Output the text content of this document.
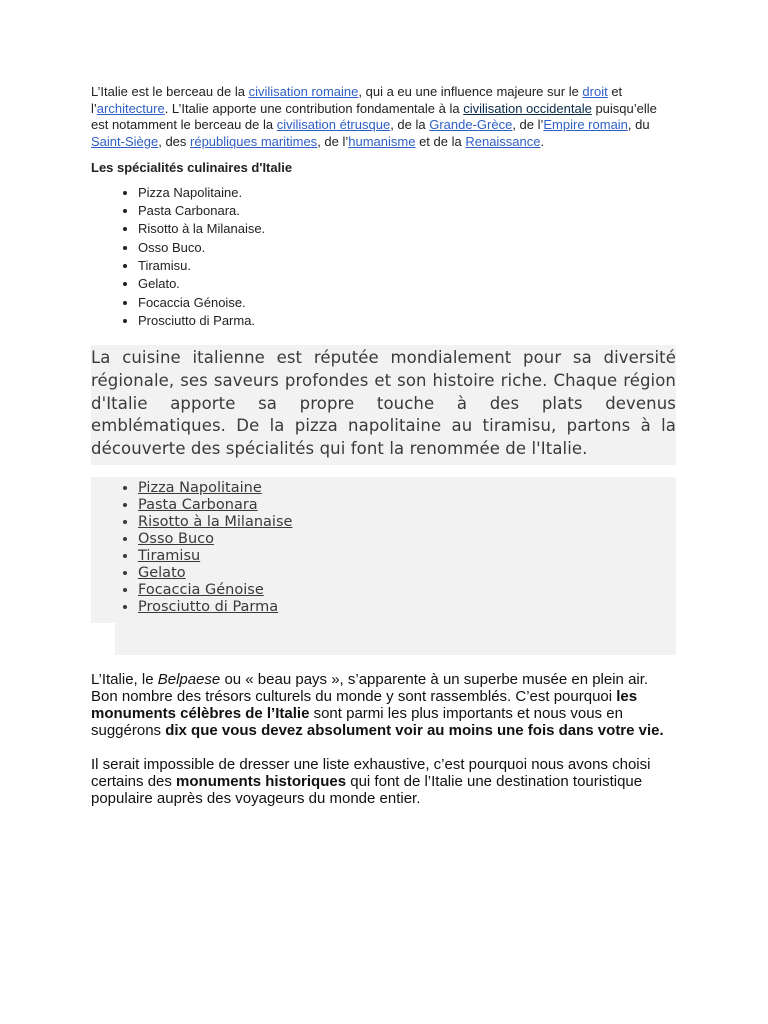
L’Italie est le berceau de la civilisation romaine, qui a eu une influence majeure sur le droit et l’architecture. L’Italie apporte une contribution fondamentale à la civilisation occidentale puisqu’elle est notamment le berceau de la civilisation étrusque, de la Grande-Grèce, de l’Empire romain, du Saint-Siège, des républiques maritimes, de l’humanisme et de la Renaissance.

Les spécialités culinaires d'Italie

• Pizza Napolitaine.
• Pasta Carbonara.
• Risotto à la Milanaise.
• Osso Buco.
• Tiramisu.
• Gelato.
• Focaccia Génoise.
• Prosciutto di Parma.

La cuisine italienne est réputée mondialement pour sa diversité régionale, ses saveurs profondes et son histoire riche. Chaque région d'Italie apporte sa propre touche à des plats devenus emblématiques. De la pizza napolitaine au tiramisu, partons à la découverte des spécialités qui font la renommée de l'Italie.

• Pizza Napolitaine
• Pasta Carbonara
• Risotto à la Milanaise
• Osso Buco
• Tiramisu
• Gelato
• Focaccia Génoise
• Prosciutto di Parma

L’Italie, le Belpaese ou « beau pays », s’apparente à un superbe musée en plein air. Bon nombre des trésors culturels du monde y sont rassemblés. C’est pourquoi les monuments célèbres de l’Italie sont parmi les plus importants et nous vous en suggérons dix que vous devez absolument voir au moins une fois dans votre vie.

Il serait impossible de dresser une liste exhaustive, c’est pourquoi nous avons choisi certains des monuments historiques qui font de l’Italie une destination touristique populaire auprès des voyageurs du monde entier.
